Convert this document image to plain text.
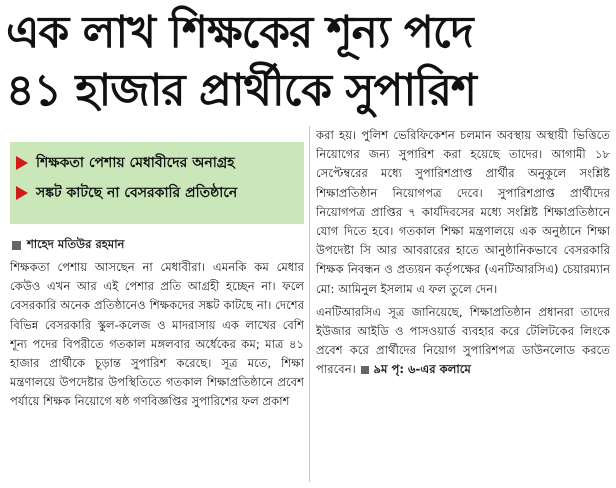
এক লাখ শিক্ষকের শূন্য পদে
৪১ হাজার প্রার্থীকে সুপারিশ
শিক্ষকতা পেশায় মেধাবীদের অনাগ্রহ
সঙ্কট কাটছে না বেসরকারি প্রতিষ্ঠানে
শাহেদ মতিউর রহমান

শিক্ষকতা পেশায় আসছেন না মেধাবীরা। এমনকি কম মেধার কেউও এখন আর এই পেশার প্রতি আগ্রহী হচ্ছেন না। ফলে বেসরকারি অনেক প্রতিষ্ঠানেও শিক্ষকদের সঙ্কট কাটছে না। দেশের বিভিন্ন বেসরকারি স্কুল-কলেজ ও মাদরাসায় এক লাখের বেশি শূন্য পদের বিপরীতে গতকাল মঙ্গলবার অর্ধেকের কম; মাত্র ৪১ হাজার প্রার্থীকে চূড়ান্ত সুপারিশ করেছে। সূত্র মতে, শিক্ষা মন্ত্রণালয়ে উপদেষ্টার উপস্থিতিতে গতকাল শিক্ষাপ্রতিষ্ঠানে প্রবেশ পর্যায়ে শিক্ষক নিয়োগে ষষ্ঠ গণবিজ্ঞপ্তির সুপারিশের ফল প্রকাশ

করা হয়। পুলিশ ভেরিফিকেশন চলমান অবস্থায় অস্থায়ী ভিত্তিতে নিয়োগের জন্য সুপারিশ করা হয়েছে তাদের। আগামী ১৮ সেপ্টেম্বরের মধ্যে সুপারিশপ্রাপ্ত প্রার্থীর অনুকূলে সংশ্লিষ্ট শিক্ষাপ্রতিষ্ঠান নিয়োগপত্র দেবে। সুপারিশপ্রাপ্ত প্রার্থীদের নিয়োগপত্র প্রাপ্তির ৭ কার্যদিবসের মধ্যে সংশ্লিষ্ট শিক্ষাপ্রতিষ্ঠানে যোগ দিতে হবে। গতকাল শিক্ষা মন্ত্রণালয়ে এক অনুষ্ঠানে শিক্ষা উপদেষ্টা সি আর আবরারের হাতে আনুষ্ঠানিকভাবে বেসরকারি শিক্ষক নিবন্ধন ও প্রত্যয়ন কর্তৃপক্ষের (এনটিআরসিএ) চেয়ারম্যান মো: আমিনুল ইসলাম এ ফল তুলে দেন।

এনটিআরসিএ সূত্র জানিয়েছে, শিক্ষাপ্রতিষ্ঠান প্রধানরা তাদের ইউজার আইডি ও পাসওয়ার্ড ব্যবহার করে টেলিটকের লিংকে প্রবেশ করে প্রার্থীদের নিয়োগ সুপারিশপত্র ডাউনলোড করতে পারবেন। ৯ম পৃ: ৬-এর কলামে
